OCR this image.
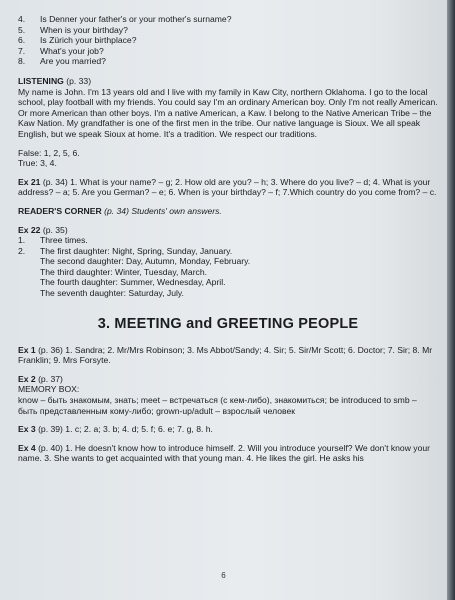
4.	Is Denner your father's or your mother's surname?
5.	When is your birthday?
6.	Is Zürich your birthplace?
7.	What's your job?
8.	Are you married?
LISTENING (p. 33)

My name is John. I'm 13 years old and I live with my family in Kaw City, northern Oklahoma. I go to the local school, play football with my friends. You could say I'm an ordinary American boy. Only I'm not really American. Or more American than other boys. I'm a native American, a Kaw. I belong to the Native American Tribe – the Kaw Nation. My grandfather is one of the first men in the tribe. Our native language is Sioux. We all speak English, but we speak Sioux at home. It's a tradition. We respect our traditions.

False: 1, 2, 5, 6.

True: 3, 4.

Ex 21 (p. 34) 1. What is your name? – g; 2. How old are you? – h; 3. Where do you live? – d; 4. What is your address? – a; 5. Are you German? – e; 6. When is your birthday? – f; 7.Which country do you come from? – c.

READER'S CORNER (p. 34) Students' own answers.

Ex 22 (p. 35)
1.	Three times.
2.	The first daughter: Night, Spring, Sunday, January.
The second daughter: Day, Autumn, Monday, February.
The third daughter: Winter, Tuesday, March.
The fourth daughter: Summer, Wednesday, April.
The seventh daughter: Saturday, July.
3. MEETING and GREETING PEOPLE

Ex 1 (p. 36) 1. Sandra; 2. Mr/Mrs Robinson; 3. Ms Abbot/Sandy; 4. Sir; 5. Sir/Mr Scott; 6. Doctor; 7. Sir; 8. Mr Franklin; 9. Mrs Forsyte.

Ex 2 (p. 37)

MEMORY BOX:

know – быть знакомым, знать; meet – встречаться (с кем-либо), знакомиться; be introduced to smb – быть представленным кому-либо; grown-up/adult – взрослый человек

Ex 3 (p. 39) 1. c; 2. a; 3. b; 4. d; 5. f; 6. e; 7. g, 8. h.

Ex 4 (p. 40) 1. He doesn't know how to introduce himself. 2. Will you introduce yourself? We don't know your name. 3. She wants to get acquainted with that young man. 4. He likes the girl. He asks his

6
